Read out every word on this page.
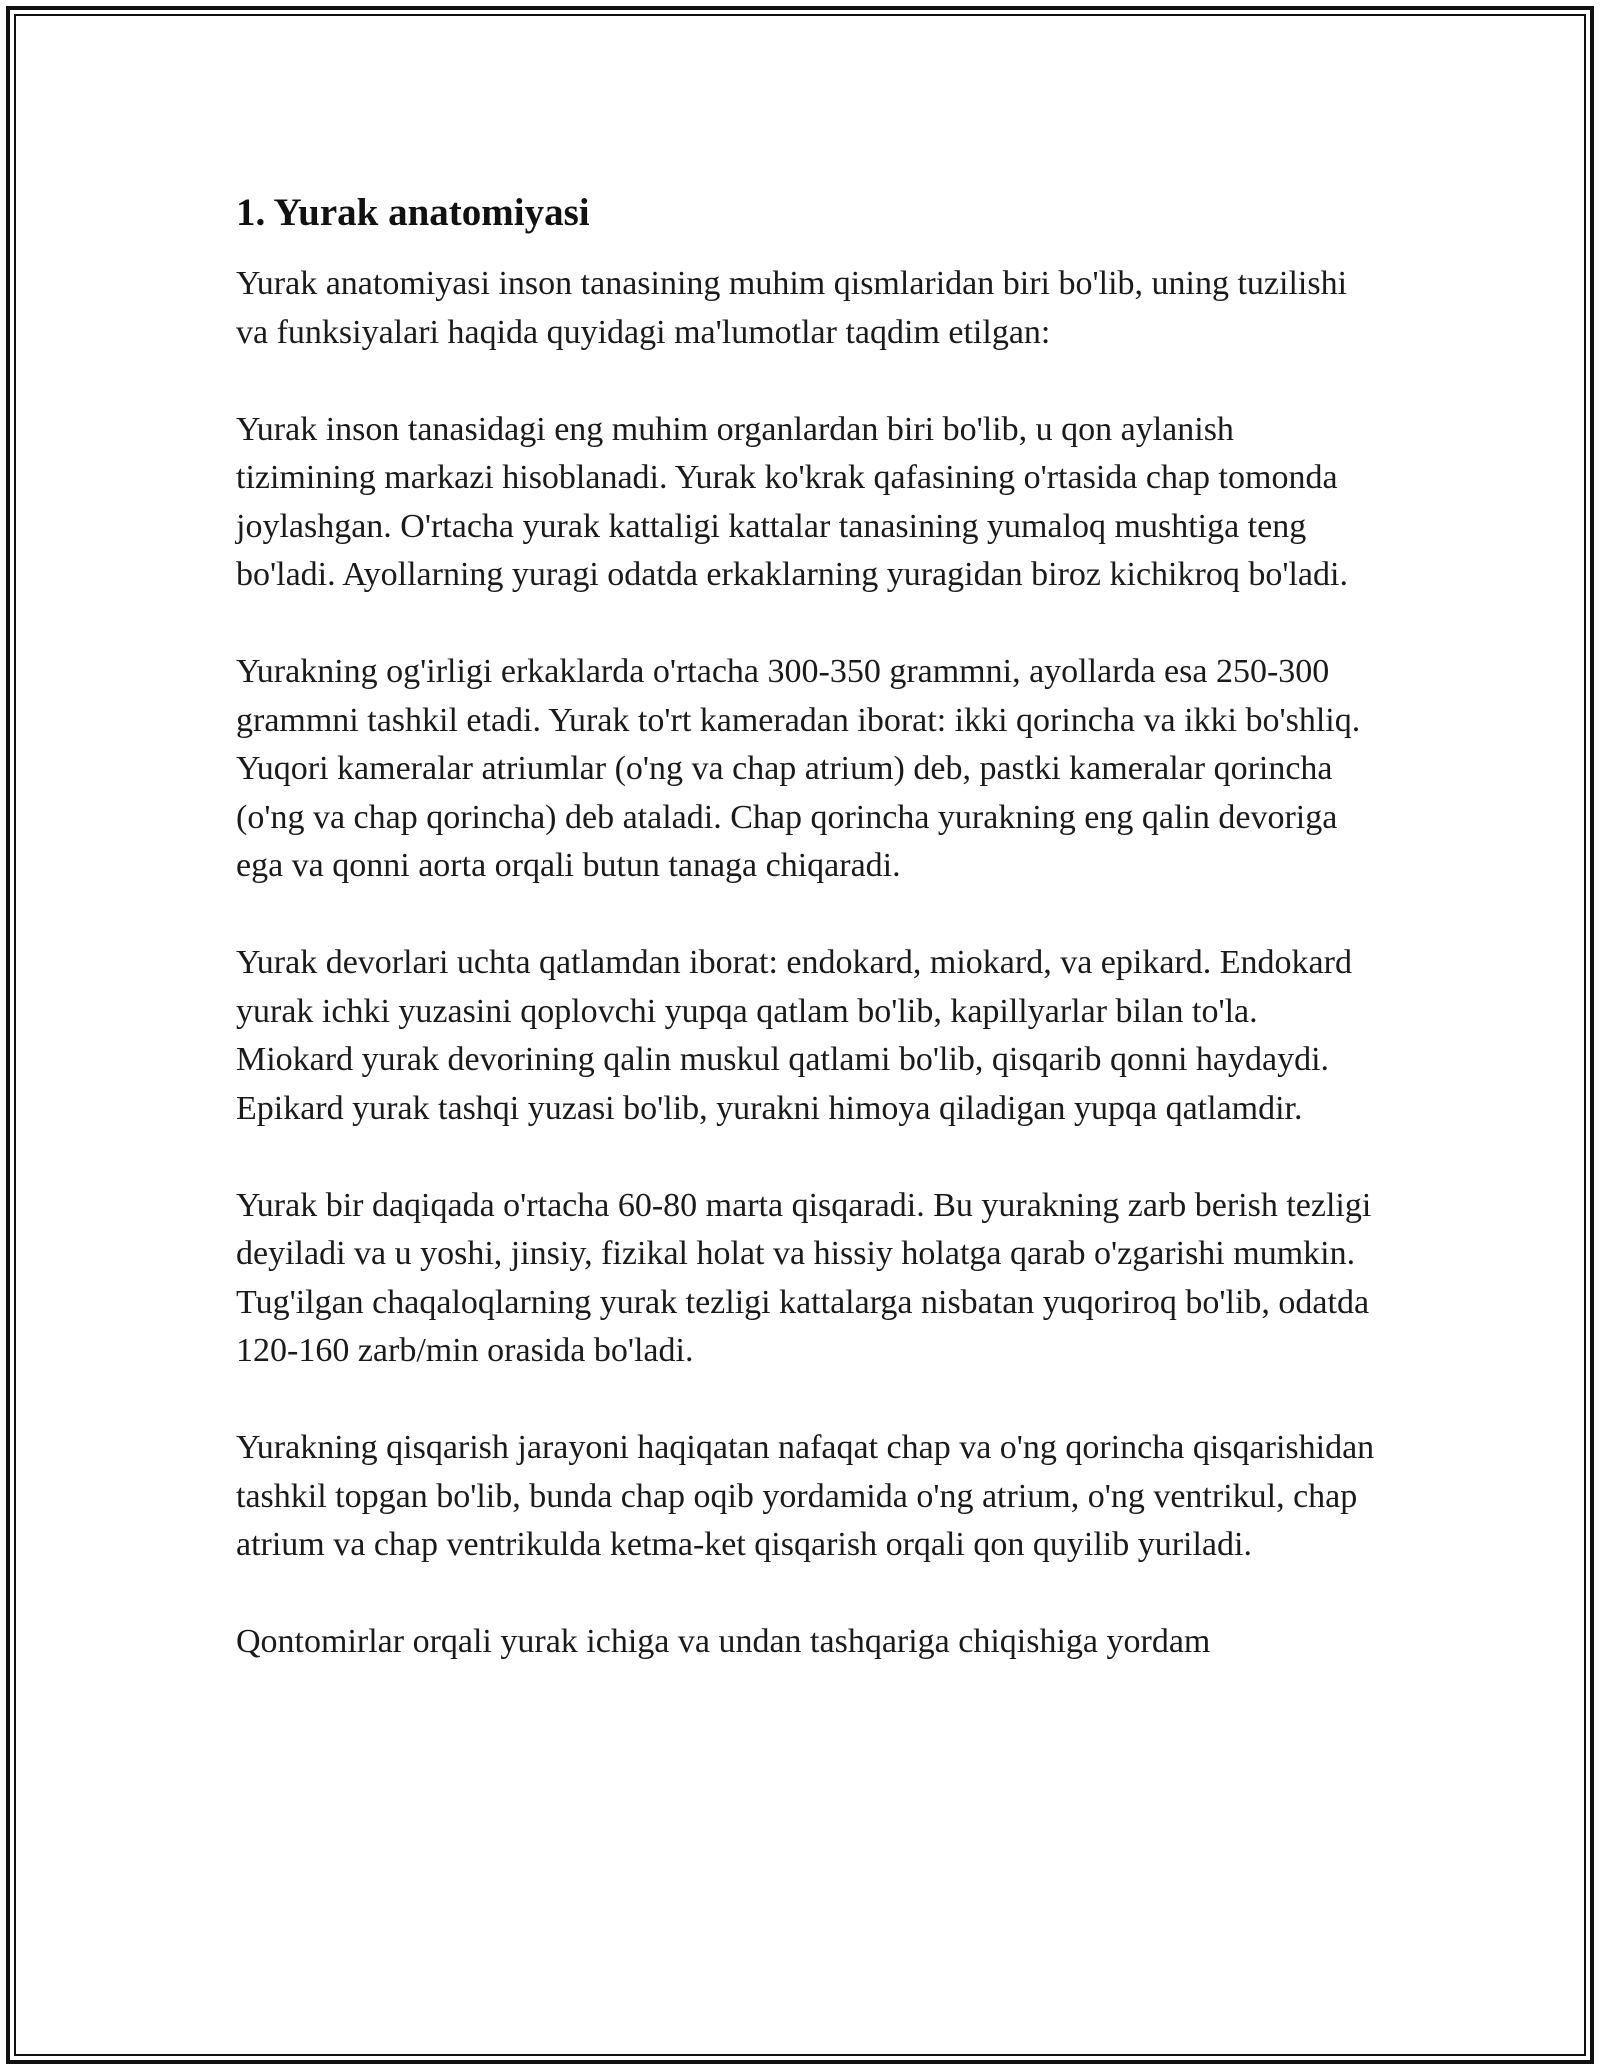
1. Yurak anatomiyasi

Yurak anatomiyasi inson tanasining muhim qismlaridan biri bo'lib, uning tuzilishi va funksiyalari haqida quyidagi ma'lumotlar taqdim etilgan:

Yurak inson tanasidagi eng muhim organlardan biri bo'lib, u qon aylanish tizimining markazi hisoblanadi. Yurak ko'krak qafasining o'rtasida chap tomonda joylashgan. O'rtacha yurak kattaligi kattalar tanasining yumaloq mushtiga teng bo'ladi. Ayollarning yuragi odatda erkaklarning yuragidan biroz kichikroq bo'ladi.

Yurakning og'irligi erkaklarda o'rtacha 300-350 grammni, ayollarda esa 250-300 grammni tashkil etadi. Yurak to'rt kameradan iborat: ikki qorincha va ikki bo'shliq. Yuqori kameralar atriumlar (o'ng va chap atrium) deb, pastki kameralar qorincha (o'ng va chap qorincha) deb ataladi. Chap qorincha yurakning eng qalin devoriga ega va qonni aorta orqali butun tanaga chiqaradi.

Yurak devorlari uchta qatlamdan iborat: endokard, miokard, va epikard. Endokard yurak ichki yuzasini qoplovchi yupqa qatlam bo'lib, kapillyarlar bilan to'la. Miokard yurak devorining qalin muskul qatlami bo'lib, qisqarib qonni haydaydi. Epikard yurak tashqi yuzasi bo'lib, yurakni himoya qiladigan yupqa qatlamdir.

Yurak bir daqiqada o'rtacha 60-80 marta qisqaradi. Bu yurakning zarb berish tezligi deyiladi va u yoshi, jinsiy, fizikal holat va hissiy holatga qarab o'zgarishi mumkin. Tug'ilgan chaqaloqlarning yurak tezligi kattalarga nisbatan yuqoriroq bo'lib, odatda 120-160 zarb/min orasida bo'ladi.

Yurakning qisqarish jarayoni haqiqatan nafaqat chap va o'ng qorincha qisqarishidan tashkil topgan bo'lib, bunda chap oqib yordamida o'ng atrium, o'ng ventrikul, chap atrium va chap ventrikulda ketma-ket qisqarish orqali qon quyilib yuriladi.

Qontomirlar orqali yurak ichiga va undan tashqariga chiqishiga yordam
